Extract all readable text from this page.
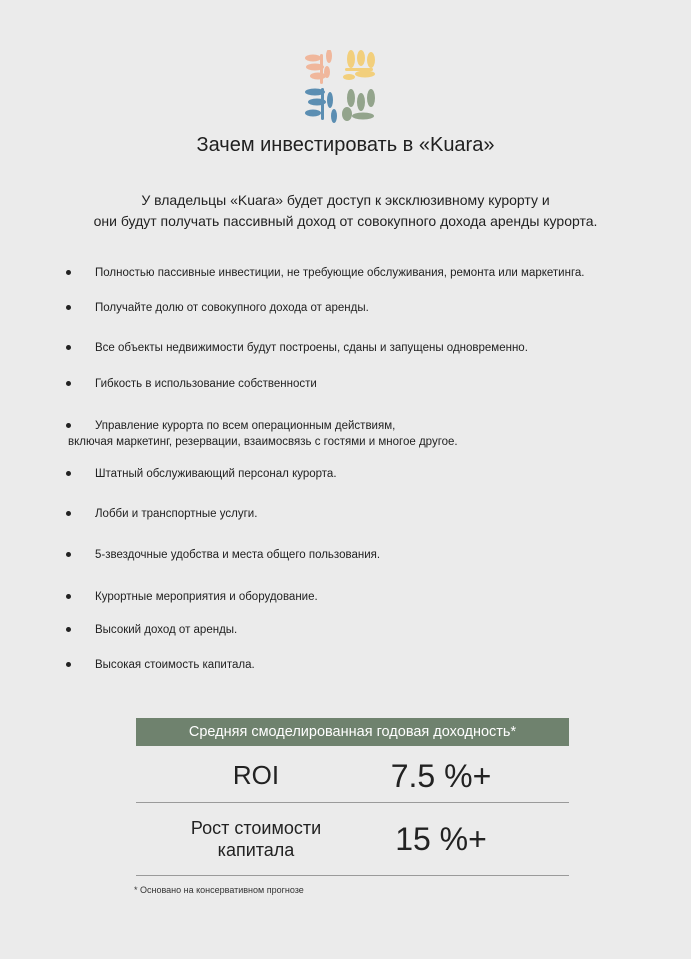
Зачем инвестировать в «Kuara»

У владельцы «Kuara» будет доступ к эксклюзивному курорту и

они будут получать пассивный доход от совокупного дохода аренды курорта.

Полностью пассивные инвестиции, не требующие обслуживания, ремонта или маркетинга.
Получайте долю от совокупного дохода от аренды.
Все объекты недвижимости будут построены, сданы и запущены одновременно.
Гибкость в использование собственности
Управление курорта по всем операционным действиям,
включая маркетинг, резервации, взаимосвязь с гостями и многое другое.
Штатный обслуживающий персонал курорта.
Лобби и транспортные услуги.
5-звездочные удобства и места общего пользования.
Курортные мероприятия и оборудование.
Высокий доход от аренды.
Высокая стоимость капитала.
Средняя смоделированная годовая доходность*
ROI	7.5 %+
Рост стоимости
капитала	15 %+
* Основано на консервативном прогнозе
